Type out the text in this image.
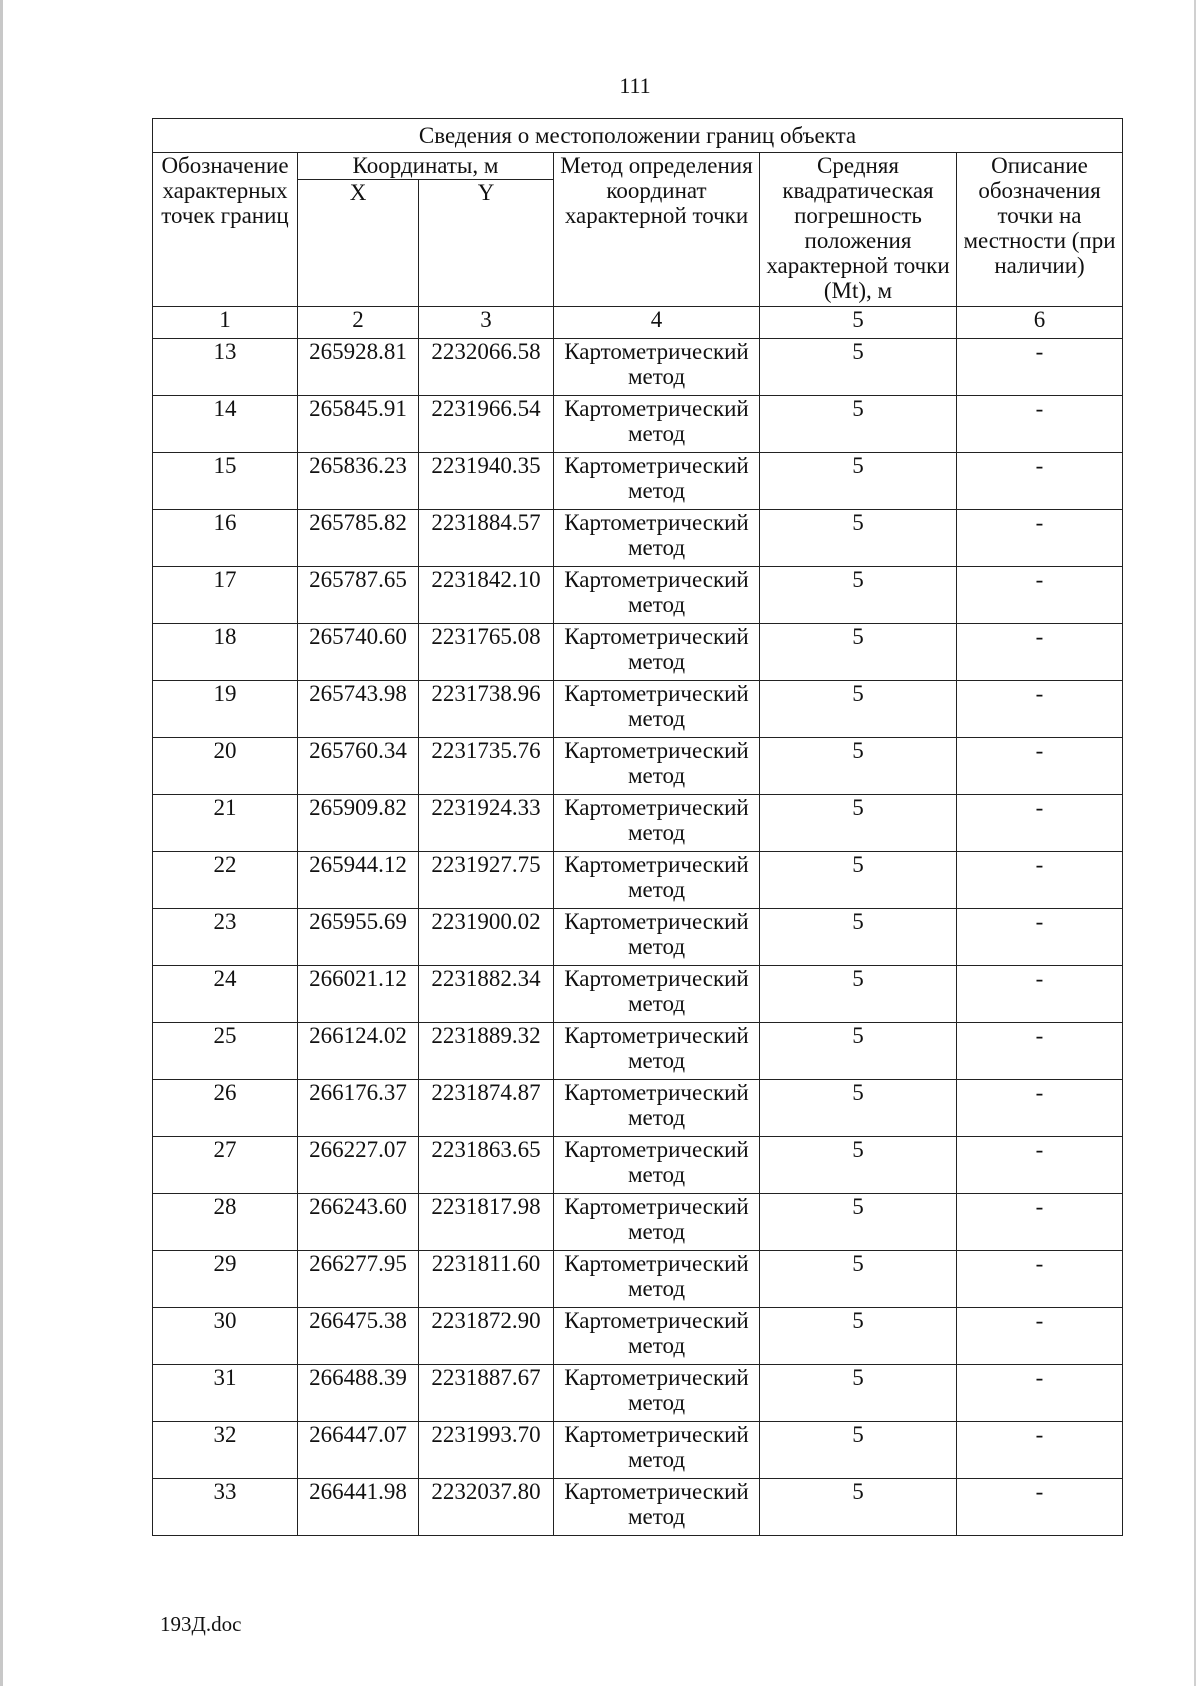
111
Сведения о местоположении границ объекта					
Обозначение характерных точек границ	Координаты, м		Метод определения координат характерной точки	Средняя квадратическая погрешность положения характерной точки (Mt), м	Описание обозначения точки на местности (при наличии)
	X	Y			
1	2	3	4	5	6
13	265928.81	2232066.58	Картометрический метод	5	-
14	265845.91	2231966.54	Картометрический метод	5	-
15	265836.23	2231940.35	Картометрический метод	5	-
16	265785.82	2231884.57	Картометрический метод	5	-
17	265787.65	2231842.10	Картометрический метод	5	-
18	265740.60	2231765.08	Картометрический метод	5	-
19	265743.98	2231738.96	Картометрический метод	5	-
20	265760.34	2231735.76	Картометрический метод	5	-
21	265909.82	2231924.33	Картометрический метод	5	-
22	265944.12	2231927.75	Картометрический метод	5	-
23	265955.69	2231900.02	Картометрический метод	5	-
24	266021.12	2231882.34	Картометрический метод	5	-
25	266124.02	2231889.32	Картометрический метод	5	-
26	266176.37	2231874.87	Картометрический метод	5	-
27	266227.07	2231863.65	Картометрический метод	5	-
28	266243.60	2231817.98	Картометрический метод	5	-
29	266277.95	2231811.60	Картометрический метод	5	-
30	266475.38	2231872.90	Картометрический метод	5	-
31	266488.39	2231887.67	Картометрический метод	5	-
32	266447.07	2231993.70	Картометрический метод	5	-
33	266441.98	2232037.80	Картометрический метод	5	-
193Д.doc
